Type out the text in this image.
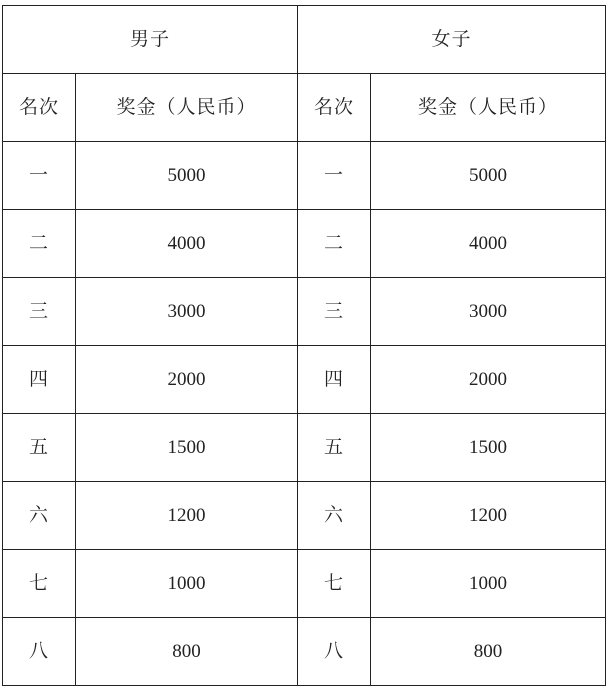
男子		女子	
名次	奖金（人民币）	名次	奖金（人民币）
一	5000	一	5000
二	4000	二	4000
三	3000	三	3000
四	2000	四	2000
五	1500	五	1500
六	1200	六	1200
七	1000	七	1000
八	800	八	800
